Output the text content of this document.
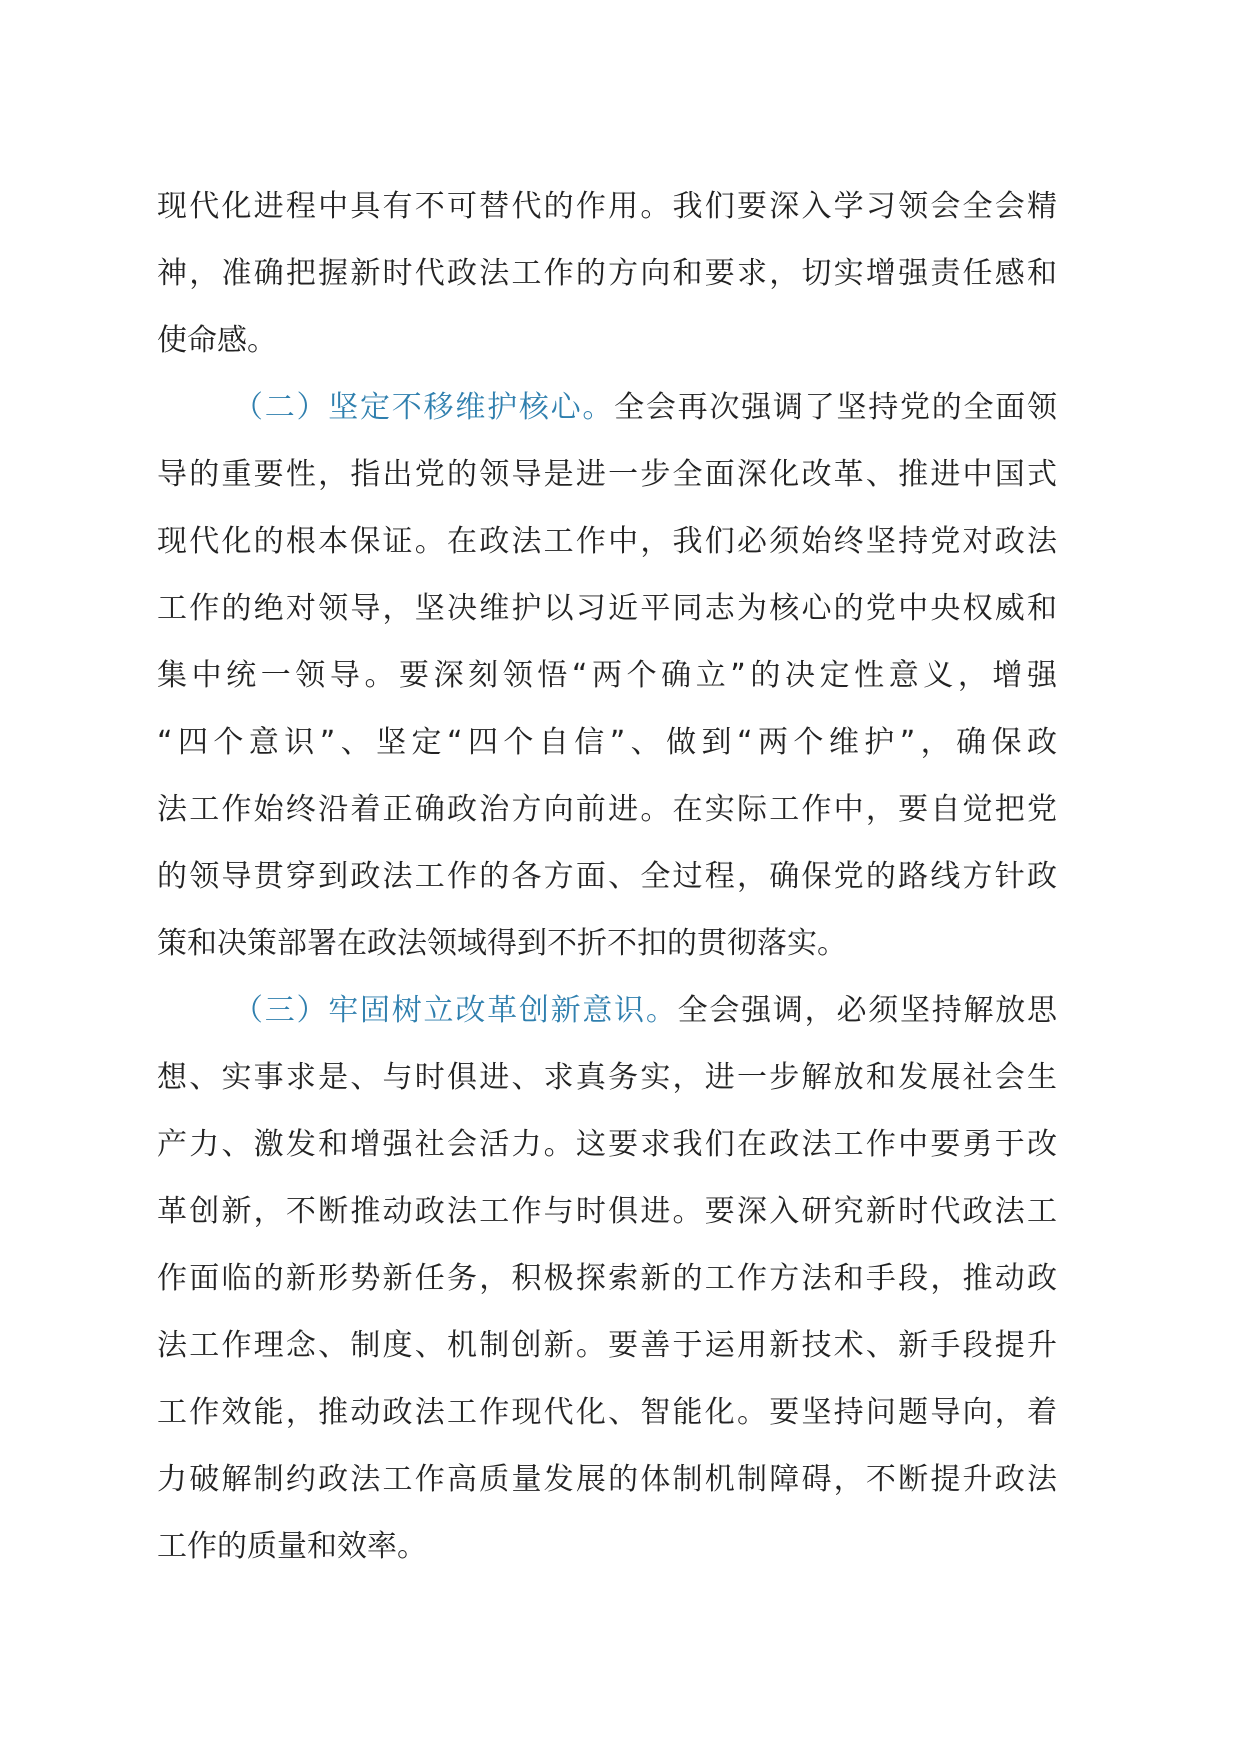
现代化进程中具有不可替代的作用。我们要深入学习领会全会精
神，准确把握新时代政法工作的方向和要求，切实增强责任感和
使命感。
（二）坚定不移维护核心。全会再次强调了坚持党的全面领
导的重要性，指出党的领导是进一步全面深化改革、推进中国式
现代化的根本保证。在政法工作中，我们必须始终坚持党对政法
工作的绝对领导，坚决维护以习近平同志为核心的党中央权威和
集中统一领导。要深刻领悟“两个确立”的决定性意义，增强
“四个意识”、坚定“四个自信”、做到“两个维护”，确保政
法工作始终沿着正确政治方向前进。在实际工作中，要自觉把党
的领导贯穿到政法工作的各方面、全过程，确保党的路线方针政
策和决策部署在政法领域得到不折不扣的贯彻落实。
（三）牢固树立改革创新意识。全会强调，必须坚持解放思
想、实事求是、与时俱进、求真务实，进一步解放和发展社会生
产力、激发和增强社会活力。这要求我们在政法工作中要勇于改
革创新，不断推动政法工作与时俱进。要深入研究新时代政法工
作面临的新形势新任务，积极探索新的工作方法和手段，推动政
法工作理念、制度、机制创新。要善于运用新技术、新手段提升
工作效能，推动政法工作现代化、智能化。要坚持问题导向，着
力破解制约政法工作高质量发展的体制机制障碍，不断提升政法
工作的质量和效率。
